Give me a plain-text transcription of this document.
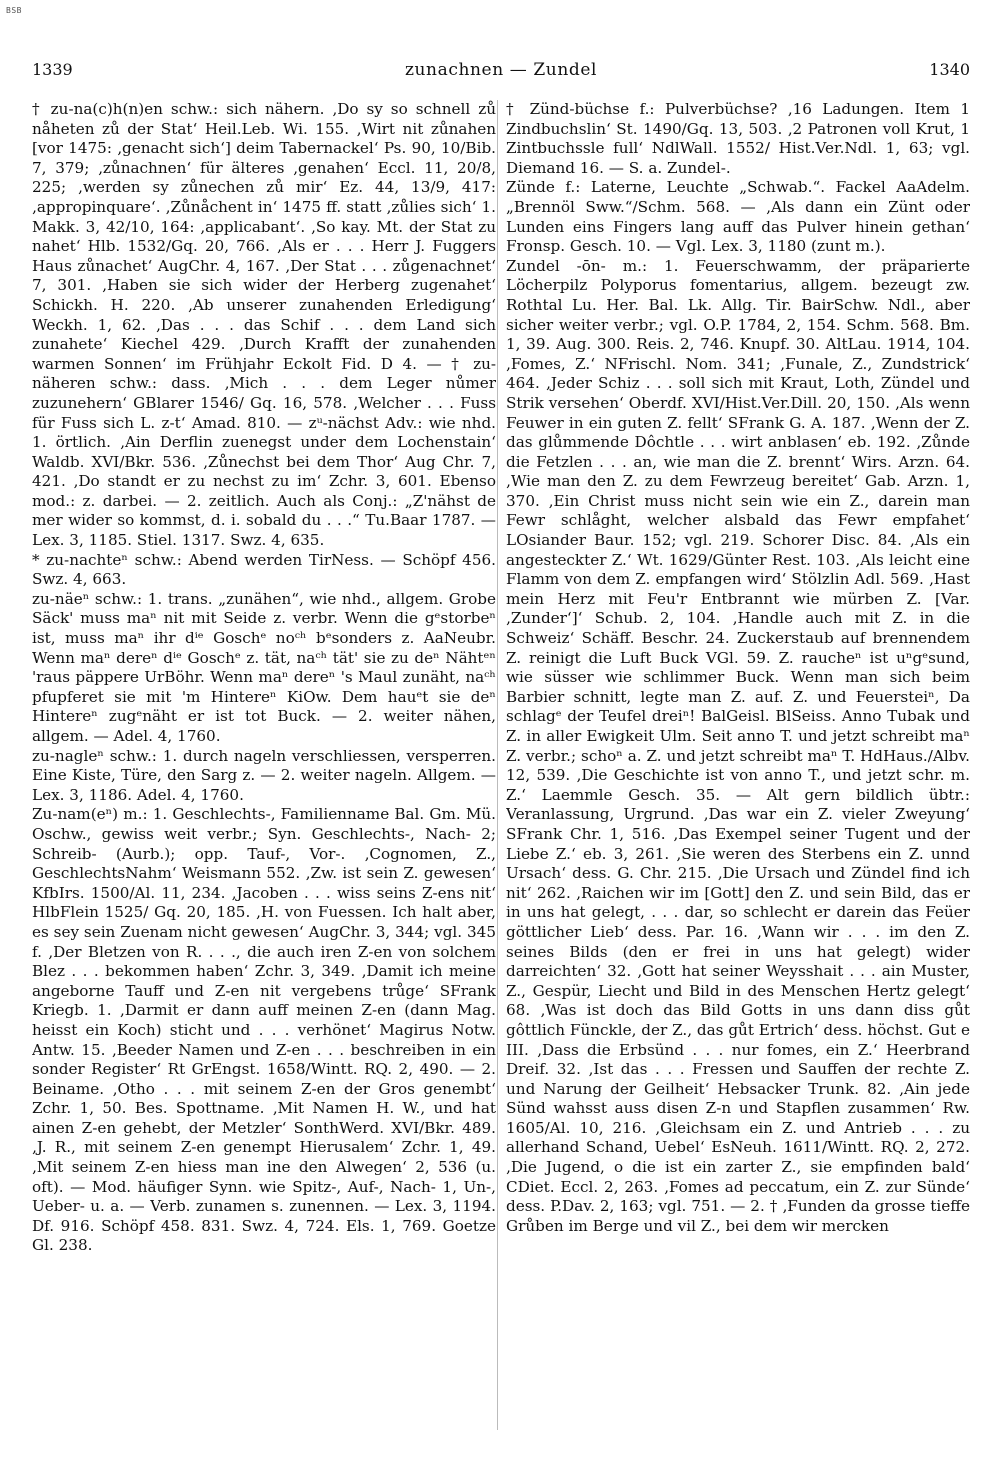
BSB
1339	zunachnen — Zundel	1340

† zu-na(c)h(n)en schw.: sich nähern. ‚Do sy so schnell zů nåheten zů der Stat‘ Heil.Leb. Wi. 155. ‚Wirt nit zůnahen [vor 1475: ‚genacht sich‘] deim Tabernackel‘ Ps. 90, 10/Bib. 7, 379; ‚zůnachnen‘ für älteres ‚genahen‘ Eccl. 11, 20/8, 225; ‚werden sy zůnechen zů mir‘ Ez. 44, 13/9, 417: ‚appropinquare‘. ‚Zůnåchent in‘ 1475 ff. statt ‚zůlies sich‘ 1. Makk. 3, 42/10, 164: ‚applicabant‘. ‚So kay. Mt. der Stat zu nahet‘ Hlb. 1532/Gq. 20, 766. ‚Als er . . . Herr J. Fuggers Haus zůnachet‘ AugChr. 4, 167. ‚Der Stat . . . zůgenachnet‘ 7, 301. ‚Haben sie sich wider der Herberg zugenahet‘ Schickh. H. 220. ‚Ab unserer zunahenden Erledigung‘ Weckh. 1, 62. ‚Das . . . das Schif . . . dem Land sich zunahete‘ Kiechel 429. ‚Durch Krafft der zunahenden warmen Sonnen‘ im Frühjahr Eckolt Fid. D 4. — † zu-näheren schw.: dass. ‚Mich . . . dem Leger nůmer zuzunehern‘ GBlarer 1546/ Gq. 16, 578. ‚Welcher . . . Fuss für Fuss sich L. z-t‘ Amad. 810. — zᵘ-nächst Adv.: wie nhd. 1. örtlich. ‚Ain Derflin zuenegst under dem Lochenstain‘ Waldb. XVI/Bkr. 536. ‚Zůnechst bei dem Thor‘ Aug Chr. 7, 421. ‚Do standt er zu nechst zu im‘ Zchr. 3, 601. Ebenso mod.: z. darbei. — 2. zeitlich. Auch als Conj.: „Z'nähst de mer wider so kommst, d. i. sobald du . . .“ Tu.Baar 1787. — Lex. 3, 1185. Stiel. 1317. Swz. 4, 635.

* zu-nachteⁿ schw.: Abend werden TirNess. — Schöpf 456. Swz. 4, 663.

zu-näeⁿ schw.: 1. trans. „zunähen“, wie nhd., allgem. Grobe Säck' muss maⁿ nit mit Seide z. verbr. Wenn die gᵉstorbeⁿ ist, muss maⁿ ihr dⁱᵉ Goschᵉ noᶜʰ bᵉsonders z. AaNeubr. Wenn maⁿ dereⁿ dⁱᵉ Goschᵉ z. tät, naᶜʰ tät' sie zu deⁿ Nähtᵉⁿ 'raus päppere UrBöhr. Wenn maⁿ dereⁿ 's Maul zunäht, naᶜʰ pfupferet sie mit 'm Hintereⁿ KiOw. Dem hauᵉt sie deⁿ Hintereⁿ zugᵉnäht er ist tot Buck. — 2. weiter nähen, allgem. — Adel. 4, 1760.

zu-nagleⁿ schw.: 1. durch nageln verschliessen, versperren. Eine Kiste, Türe, den Sarg z. — 2. weiter nageln. Allgem. — Lex. 3, 1186. Adel. 4, 1760.

Zu-nam(eⁿ) m.: 1. Geschlechts-, Familienname Bal. Gm. Mü. Oschw., gewiss weit verbr.; Syn. Geschlechts-, Nach- 2; Schreib- (Aurb.); opp. Tauf-, Vor-. ‚Cognomen, Z., GeschlechtsNahm‘ Weismann 552. ‚Zw. ist sein Z. gewesen‘ KfbIrs. 1500/Al. 11, 234. ‚Jacoben . . . wiss seins Z-ens nit‘ HlbFlein 1525/ Gq. 20, 185. ‚H. von Fuessen. Ich halt aber, es sey sein Zuenam nicht gewesen‘ AugChr. 3, 344; vgl. 345 f. ‚Der Bletzen von R. . . ., die auch iren Z-en von solchem Blez . . . bekommen haben‘ Zchr. 3, 349. ‚Damit ich meine angeborne Tauff und Z-en nit vergebens trůge‘ SFrank Kriegb. 1. ‚Darmit er dann auff meinen Z-en (dann Mag. heisst ein Koch) sticht und . . . verhönet‘ Magirus Notw. Antw. 15. ‚Beeder Namen und Z-en . . . beschreiben in ein sonder Register‘ Rt GrEngst. 1658/Wintt. RQ. 2, 490. — 2. Beiname. ‚Otho . . . mit seinem Z-en der Gros genembt‘ Zchr. 1, 50. Bes. Spottname. ‚Mit Namen H. W., und hat ainen Z-en gehebt, der Metzler‘ SonthWerd. XVI/Bkr. 489. ‚J. R., mit seinem Z-en genempt Hierusalem‘ Zchr. 1, 49. ‚Mit seinem Z-en hiess man ine den Alwegen‘ 2, 536 (u. oft). — Mod. häufiger Synn. wie Spitz-, Auf-, Nach- 1, Un-, Ueber- u. a. — Verb. zunamen s. zunennen. — Lex. 3, 1194. Df. 916. Schöpf 458. 831. Swz. 4, 724. Els. 1, 769. Goetze Gl. 238.

† Zünd-büchse f.: Pulverbüchse? ‚16 Ladungen. Item 1 Zindbuchslin‘ St. 1490/Gq. 13, 503. ‚2 Patronen voll Krut, 1 Zintbuchssle full‘ NdlWall. 1552/ Hist.Ver.Ndl. 1, 63; vgl. Diemand 16. — S. a. Zundel-.

Zünde f.: Laterne, Leuchte „Schwab.“. Fackel AaAdelm. „Brennöl Sww.“/Schm. 568. — ‚Als dann ein Zünt oder Lunden eins Fingers lang auff das Pulver hinein gethan‘ Fronsp. Gesch. 10. — Vgl. Lex. 3, 1180 (zunt m.).

Zundel -ōn- m.: 1. Feuerschwamm, der präparierte Löcherpilz Polyporus fomentarius, allgem. bezeugt zw. Rothtal Lu. Her. Bal. Lk. Allg. Tir. BairSchw. Ndl., aber sicher weiter verbr.; vgl. O.P. 1784, 2, 154. Schm. 568. Bm. 1, 39. Aug. 300. Reis. 2, 746. Knupf. 30. AltLau. 1914, 104. ‚Fomes, Z.‘ NFrischl. Nom. 341; ‚Funale, Z., Zundstrick‘ 464. ‚Jeder Schiz . . . soll sich mit Kraut, Loth, Zündel und Strik versehen‘ Oberdf. XVI/Hist.Ver.Dill. 20, 150. ‚Als wenn Feuwer in ein guten Z. fellt‘ SFrank G. A. 187. ‚Wenn der Z. das glůmmende Dôchtle . . . wirt anblasen‘ eb. 192. ‚Zůnde die Fetzlen . . . an, wie man die Z. brennt‘ Wirs. Arzn. 64. ‚Wie man den Z. zu dem Fewrzeug bereitet‘ Gab. Arzn. 1, 370. ‚Ein Christ muss nicht sein wie ein Z., darein man Fewr schlåght, welcher alsbald das Fewr empfahet‘ LOsiander Baur. 152; vgl. 219. Schorer Disc. 84. ‚Als ein angesteckter Z.‘ Wt. 1629/Günter Rest. 103. ‚Als leicht eine Flamm von dem Z. empfangen wird‘ Stölzlin Adl. 569. ‚Hast mein Herz mit Feu'r Entbrannt wie mürben Z. [Var. ‚Zunder‘]‘ Schub. 2, 104. ‚Handle auch mit Z. in die Schweiz‘ Schäff. Beschr. 24. Zuckerstaub auf brennendem Z. reinigt die Luft Buck VGl. 59. Z. raucheⁿ ist uⁿgᵉsund, wie süsser wie schlimmer Buck. Wenn man sich beim Barbier schnitt, legte man Z. auf. Z. und Feuersteiⁿ, Da schlagᵉ der Teufel dreiⁿ! BalGeisl. BlSeiss. Anno Tubak und Z. in aller Ewigkeit Ulm. Seit anno T. und jetzt schreibt maⁿ Z. verbr.; schoⁿ a. Z. und jetzt schreibt maⁿ T. HdHaus./Albv. 12, 539. ‚Die Geschichte ist von anno T., und jetzt schr. m. Z.‘ Laemmle Gesch. 35. — Alt gern bildlich übtr.: Veranlassung, Urgrund. ‚Das war ein Z. vieler Zweyung‘ SFrank Chr. 1, 516. ‚Das Exempel seiner Tugent und der Liebe Z.‘ eb. 3, 261. ‚Sie weren des Sterbens ein Z. unnd Ursach‘ dess. G. Chr. 215. ‚Die Ursach und Zündel find ich nit‘ 262. ‚Raichen wir im [Gott] den Z. und sein Bild, das er in uns hat gelegt, . . . dar, so schlecht er darein das Feüer göttlicher Lieb‘ dess. Par. 16. ‚Wann wir . . . im den Z. seines Bilds (den er frei in uns hat gelegt) wider darreichten‘ 32. ‚Gott hat seiner Weysshait . . . ain Muster, Z., Gespür, Liecht und Bild in des Menschen Hertz gelegt‘ 68. ‚Was ist doch das Bild Gotts in uns dann diss gůt gôttlich Fünckle, der Z., das gůt Ertrich‘ dess. höchst. Gut e III. ‚Dass die Erbsünd . . . nur fomes, ein Z.‘ Heerbrand Dreif. 32. ‚Ist das . . . Fressen und Sauffen der rechte Z. und Narung der Geilheit‘ Hebsacker Trunk. 82. ‚Ain jede Sünd wahsst auss disen Z-n und Stapflen zusammen‘ Rw. 1605/Al. 10, 216. ‚Gleichsam ein Z. und Antrieb . . . zu allerhand Schand, Uebel‘ EsNeuh. 1611/Wintt. RQ. 2, 272. ‚Die Jugend, o die ist ein zarter Z., sie empfinden bald‘ CDiet. Eccl. 2, 263. ‚Fomes ad peccatum, ein Z. zur Sünde‘ dess. P.Dav. 2, 163; vgl. 751. — 2. † ‚Funden da grosse tieffe Grůben im Berge und vil Z., bei dem wir mercken
